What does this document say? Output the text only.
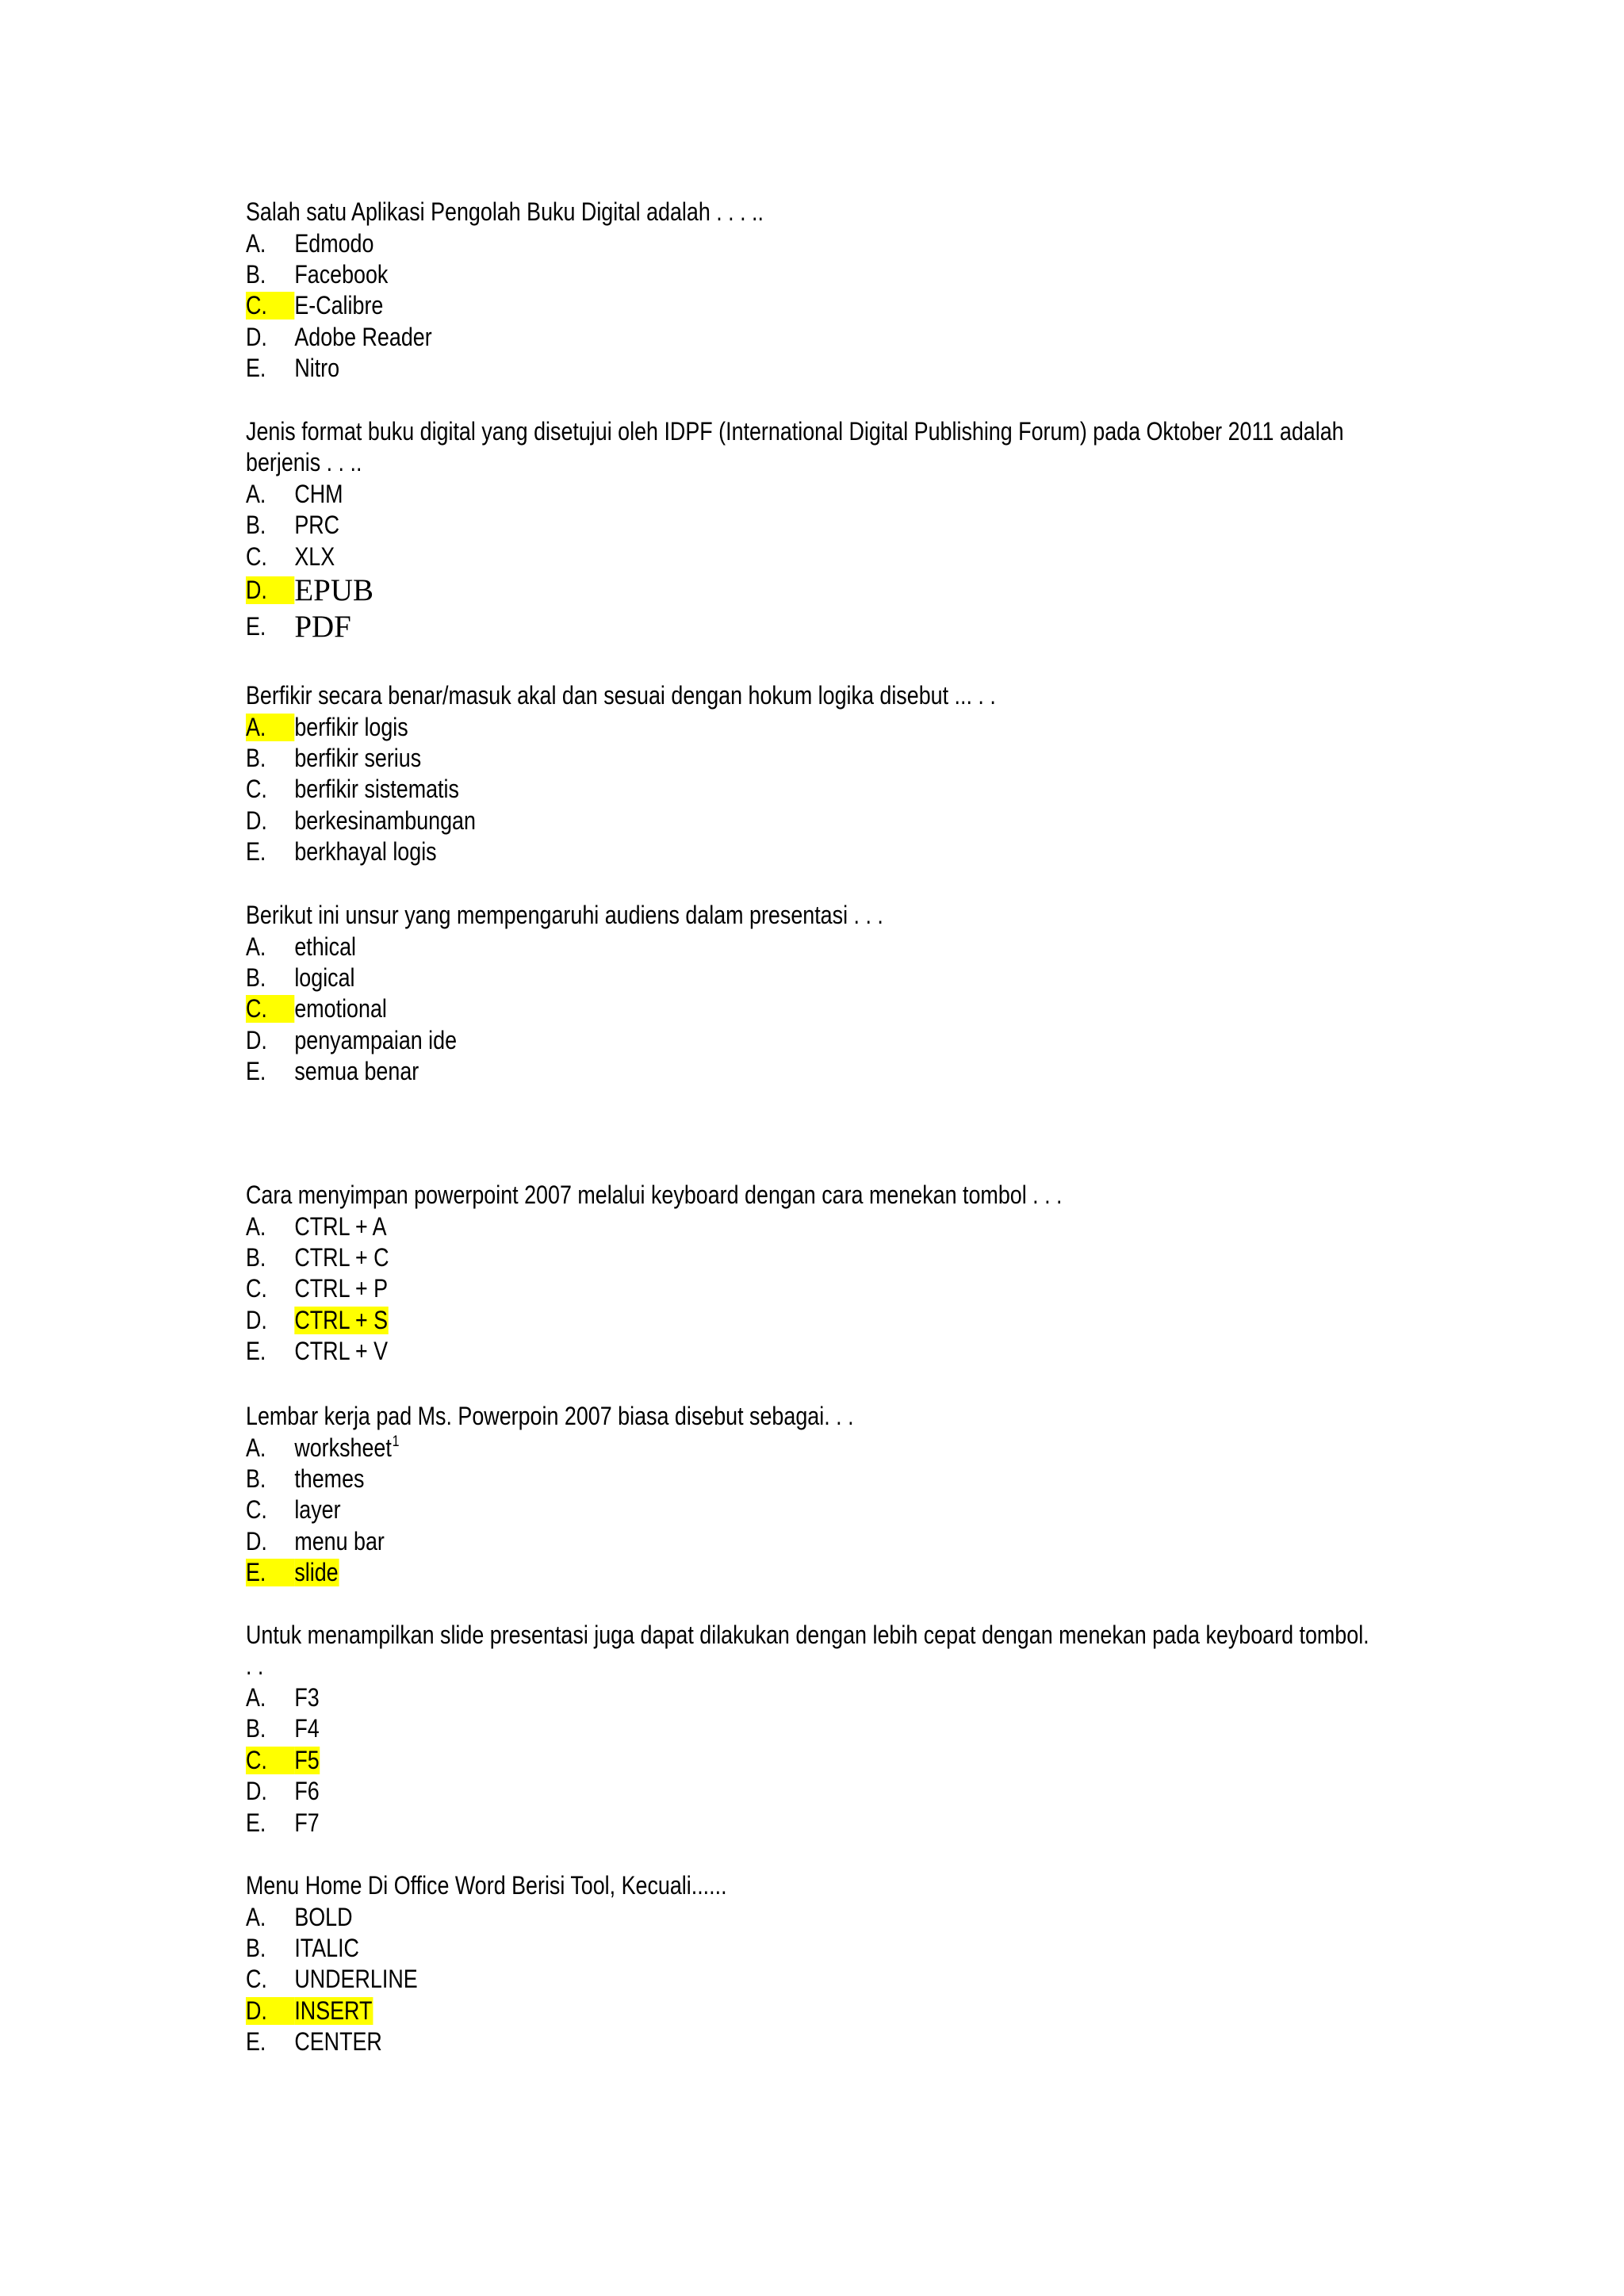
Salah satu Aplikasi Pengolah Buku Digital adalah . . . ..
A.	Edmodo
B.	Facebook
C.	E-Calibre
D.	Adobe Reader
E.	Nitro
Jenis format buku digital yang disetujui oleh IDPF (International Digital Publishing Forum) pada Oktober 2011 adalah
berjenis . . ..
A.	CHM
B.	PRC
C.	XLX
D. EPUB
E. PDF
Berfikir secara benar/masuk akal dan sesuai dengan hokum logika disebut ... . .
A.	berfikir logis
B.	berfikir serius
C.	berfikir sistematis
D.	berkesinambungan
E.	berkhayal logis
Berikut ini unsur yang mempengaruhi audiens dalam presentasi . . .
A.	ethical
B.	logical
C.	emotional
D.	penyampaian ide
E.	semua benar
Cara menyimpan powerpoint 2007 melalui keyboard dengan cara menekan tombol . . .
A.	CTRL + A
B.	CTRL + C
C.	CTRL + P
D.	CTRL + S
E.	CTRL + V
Lembar kerja pad Ms. Powerpoin 2007 biasa disebut sebagai. . .
A.	worksheet 1
B.	themes
C.	layer
D.	menu bar
E.	slide
Untuk menampilkan slide presentasi juga dapat dilakukan dengan lebih cepat dengan menekan pada keyboard tombol.
. .
A.	F3
B.	F4
C.	F5
D.	F6
E.	F7
Menu Home Di Office Word Berisi Tool, Kecuali......
A.	BOLD
B.	ITALIC
C.	UNDERLINE
D.	INSERT
E.	CENTER
